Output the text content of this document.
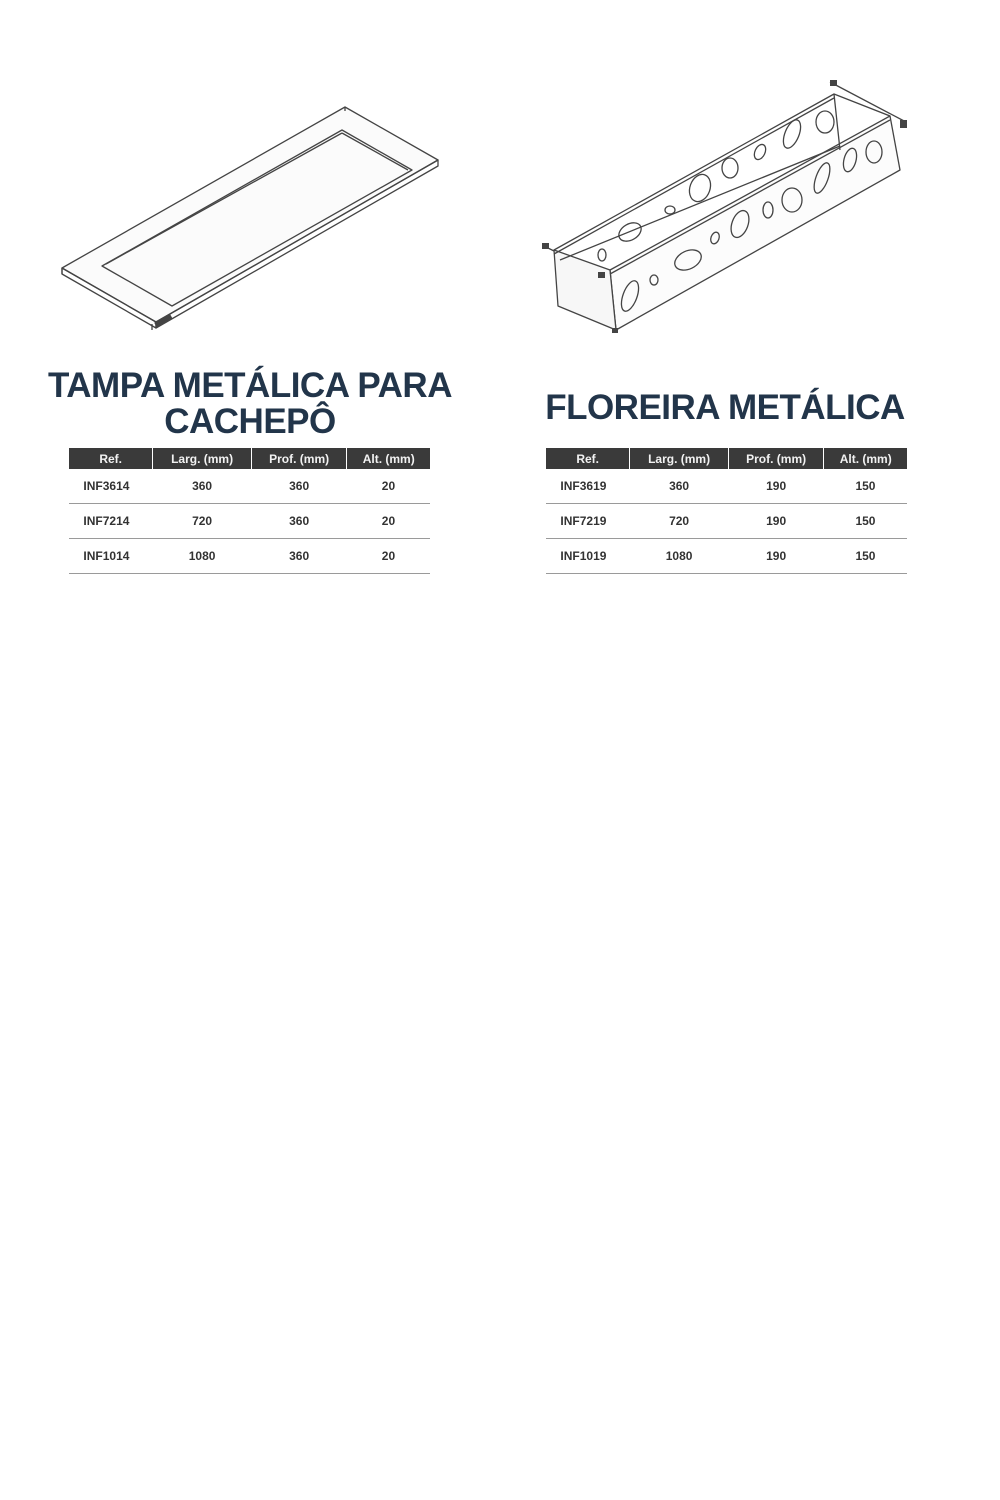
TAMPA METÁLICA PARA
CACHEPÔ
Ref.	Larg. (mm)	Prof. (mm)	Alt. (mm)
INF3614	360	360	20
INF7214	720	360	20
INF1014	1080	360	20
FLOREIRA METÁLICA
Ref.	Larg. (mm)	Prof. (mm)	Alt. (mm)
INF3619	360	190	150
INF7219	720	190	150
INF1019	1080	190	150
